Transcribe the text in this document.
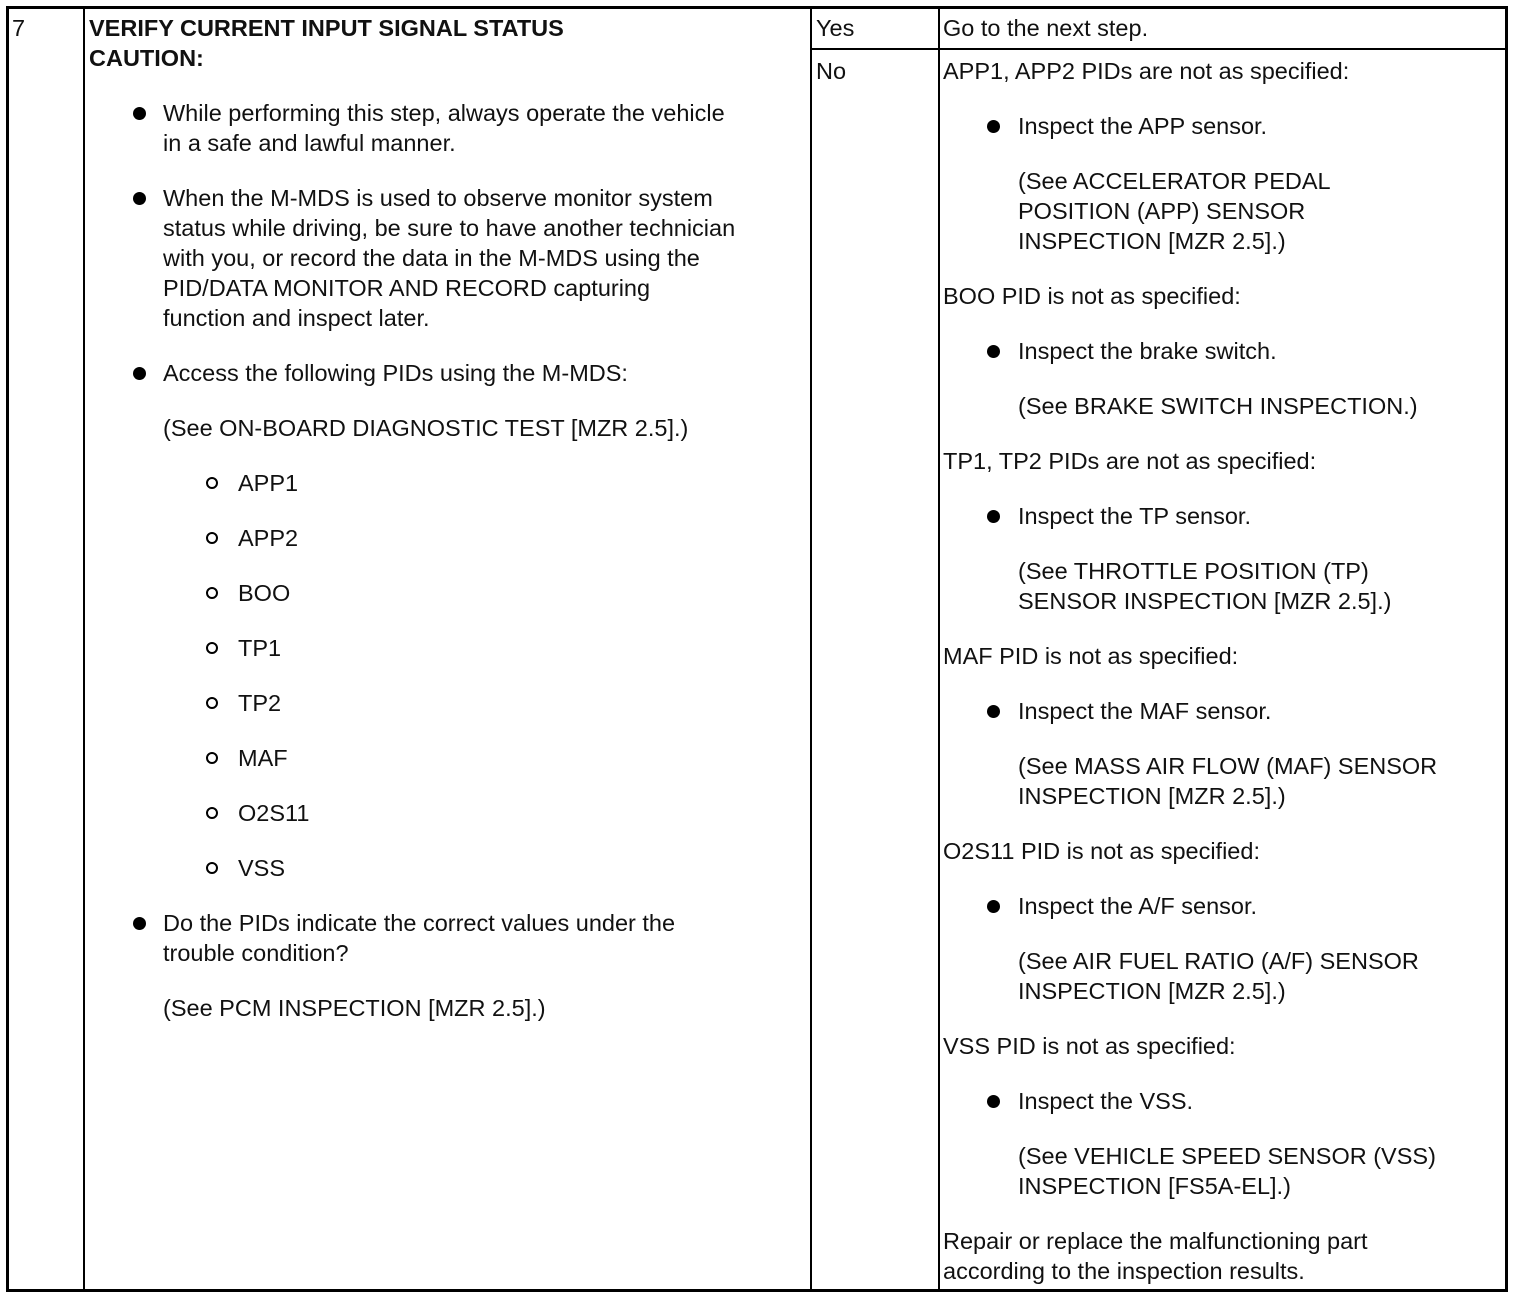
7	VERIFY CURRENT INPUT SIGNAL STATUS
CAUTION:
While performing this step, always operate the vehicle
in a safe and lawful manner.
When the M-MDS is used to observe monitor system
status while driving, be sure to have another technician
with you, or record the data in the M-MDS using the
PID/DATA MONITOR AND RECORD capturing
function and inspect later.
Access the following PIDs using the M-MDS:
(See ON-BOARD DIAGNOSTIC TEST [MZR 2.5].)
APP1
APP2
BOO
TP1
TP2
MAF
O2S11
VSS
Do the PIDs indicate the correct values under the
trouble condition?
(See PCM INSPECTION [MZR 2.5].)
Yes	Go to the next step.
No	APP1, APP2 PIDs are not as specified:
Inspect the APP sensor.
(See ACCELERATOR PEDAL
POSITION (APP) SENSOR
INSPECTION [MZR 2.5].)
BOO PID is not as specified:
Inspect the brake switch.
(See BRAKE SWITCH INSPECTION.)
TP1, TP2 PIDs are not as specified:
Inspect the TP sensor.
(See THROTTLE POSITION (TP)
SENSOR INSPECTION [MZR 2.5].)
MAF PID is not as specified:
Inspect the MAF sensor.
(See MASS AIR FLOW (MAF) SENSOR
INSPECTION [MZR 2.5].)
O2S11 PID is not as specified:
Inspect the A/F sensor.
(See AIR FUEL RATIO (A/F) SENSOR
INSPECTION [MZR 2.5].)
VSS PID is not as specified:
Inspect the VSS.
(See VEHICLE SPEED SENSOR (VSS)
INSPECTION [FS5A-EL].)
Repair or replace the malfunctioning part
according to the inspection results.
